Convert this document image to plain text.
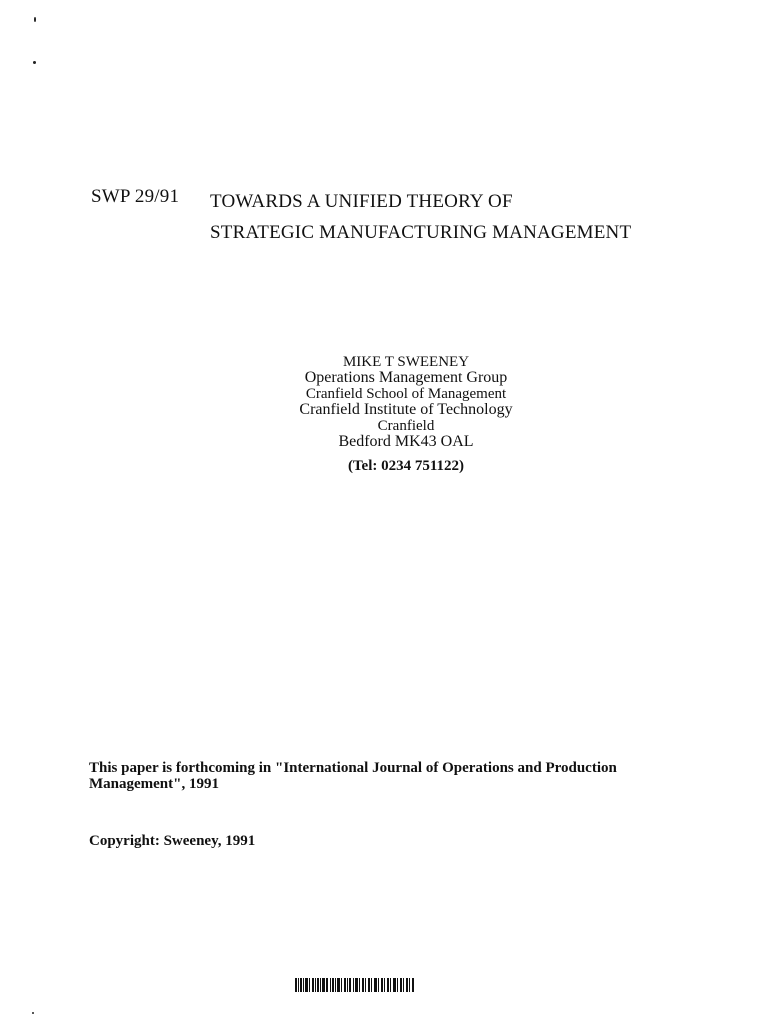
SWP 29/91 TOWARDS A UNIFIED THEORY OF
STRATEGIC MANUFACTURING MANAGEMENT
MIKE T SWEENEY
Operations Management Group
Cranfield School of Management
Cranfield Institute of Technology
Cranfield
Bedford MK43 OAL
(Tel: 0234 751122)
This paper is forthcoming in "International Journal of Operations and Production
Management", 1991
Copyright: Sweeney, 1991
